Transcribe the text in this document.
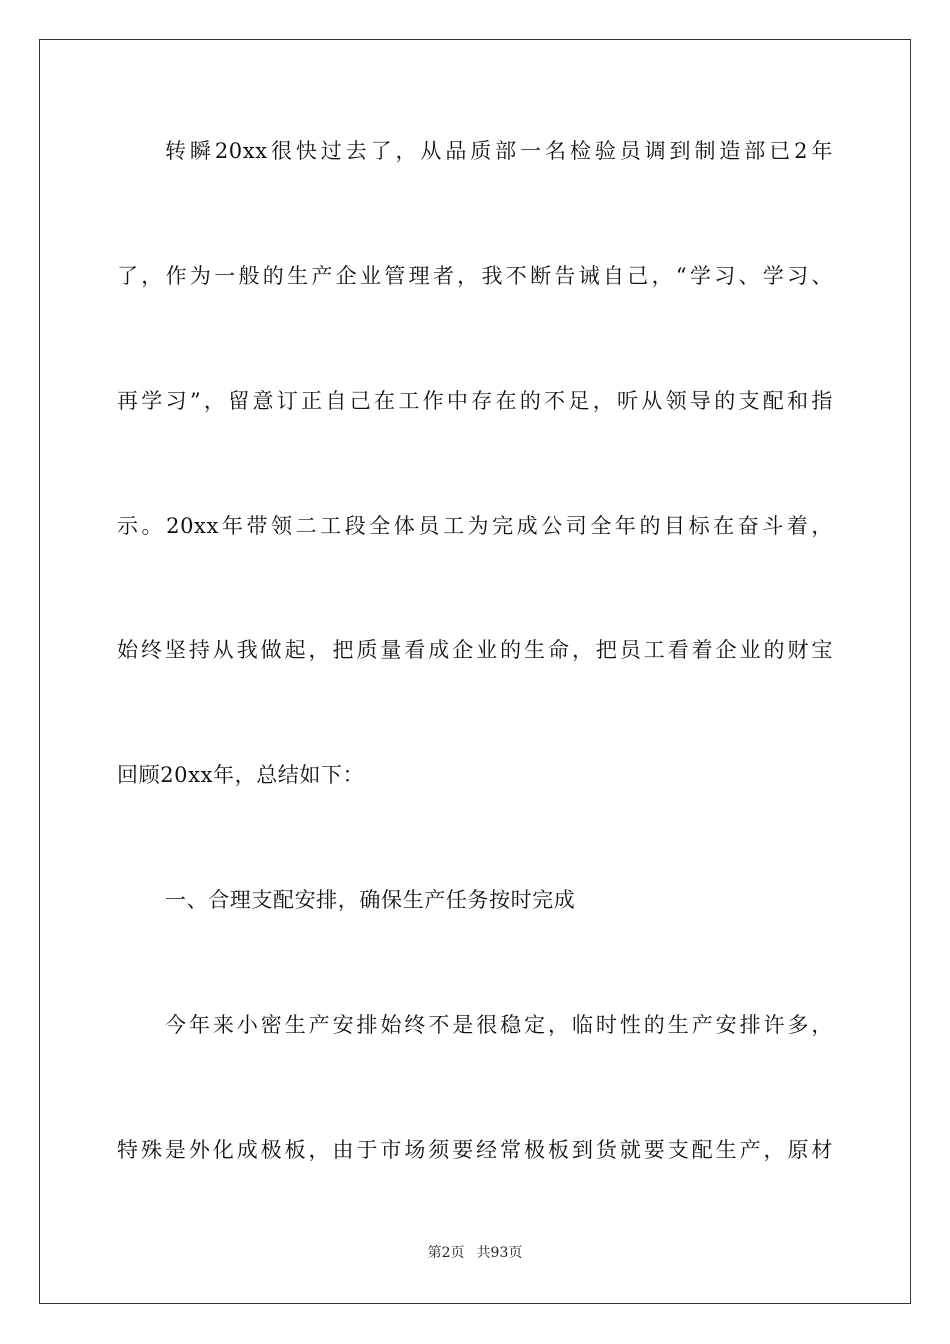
转瞬20xx很快过去了，从品质部一名检验员调到制造部已2年
了，作为一般的生产企业管理者，我不断告诫自己，“学习、学习、
再学习”，留意订正自己在工作中存在的不足，听从领导的支配和指
示。20xx年带领二工段全体员工为完成公司全年的目标在奋斗着，
始终坚持从我做起，把质量看成企业的生命，把员工看着企业的财宝
回顾20xx年，总结如下：
一、合理支配安排，确保生产任务按时完成
今年来小密生产安排始终不是很稳定，临时性的生产安排许多，
特殊是外化成极板，由于市场须要经常极板到货就要支配生产，原材
第2页 共93页
